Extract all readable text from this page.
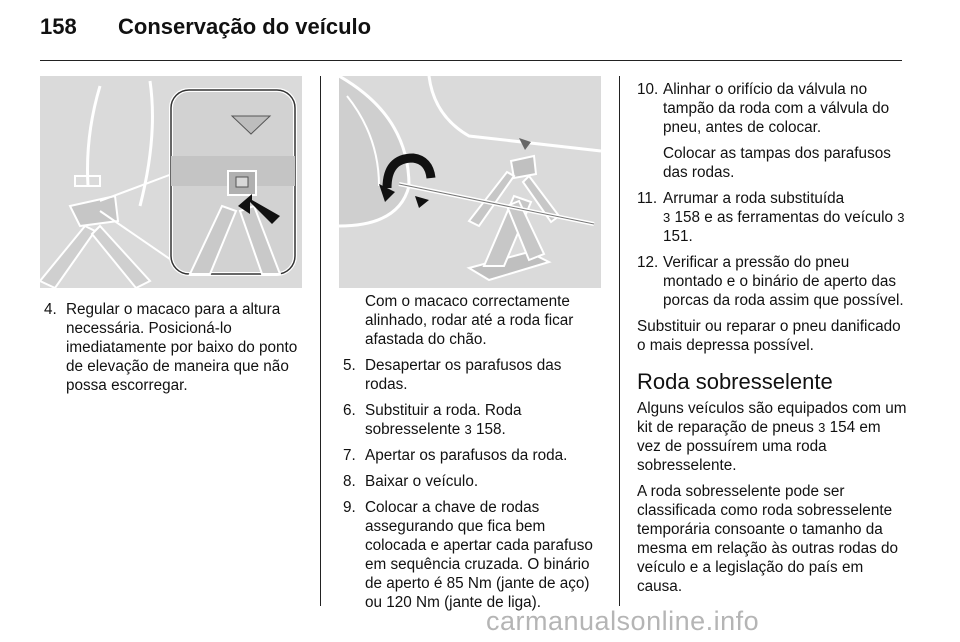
158 Conservação do veículo
4. Regular o macaco para a altura necessária. Posicioná-lo imediatamente por baixo do ponto de elevação de maneira que não possa escorregar.
Com o macaco correctamente alinhado, rodar até a roda ficar afastada do chão.
5. Desapertar os parafusos das rodas.
6. Substituir a roda. Roda sobresselente 3 158.
7. Apertar os parafusos da roda.
8. Baixar o veículo.
9. Colocar a chave de rodas assegurando que fica bem colocada e apertar cada parafuso em sequência cruzada. O binário de aperto é 85 Nm (jante de aço) ou 120 Nm (jante de liga).
10. Alinhar o orifício da válvula no tampão da roda com a válvula do pneu, antes de colocar.
Colocar as tampas dos parafusos das rodas.
11. Arrumar a roda substituída
3 158 e as ferramentas do veículo 3 151.
12. Verificar a pressão do pneu montado e o binário de aperto das porcas da roda assim que possível.
Substituir ou reparar o pneu danificado o mais depressa possível.
Roda sobresselente
Alguns veículos são equipados com um kit de reparação de pneus 3 154 em vez de possuírem uma roda sobresselente.
A roda sobresselente pode ser classificada como roda sobresselente temporária consoante o tamanho da mesma em relação às outras rodas do veículo e a legislação do país em causa.
carmanualsonline.info
